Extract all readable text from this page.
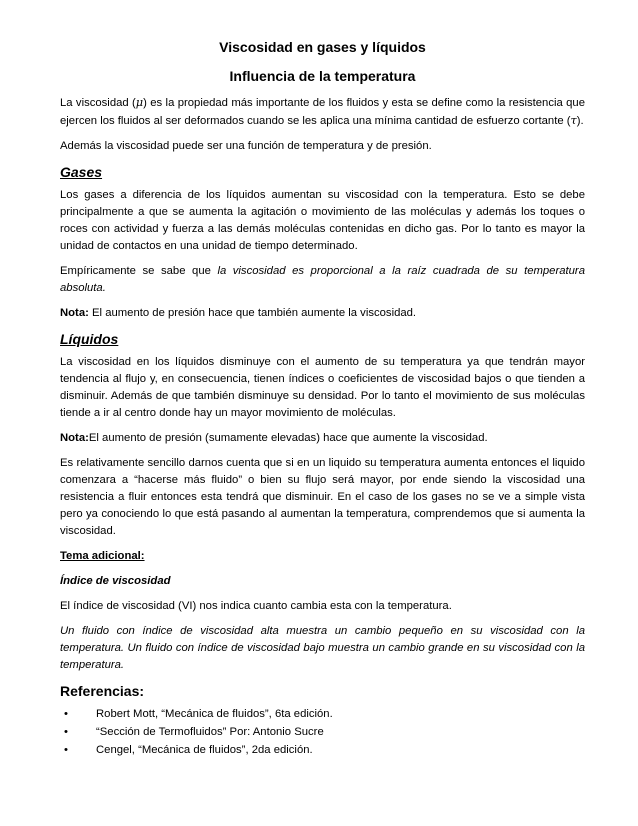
Viscosidad en gases y líquidos
Influencia de la temperatura

La viscosidad (μ) es la propiedad más importante de los fluidos y esta se define como la resistencia que ejercen los fluidos al ser deformados cuando se les aplica una mínima cantidad de esfuerzo cortante (τ).

Además la viscosidad puede ser una función de temperatura y de presión.

Gases

Los gases a diferencia de los líquidos aumentan su viscosidad con la temperatura. Esto se debe principalmente a que se aumenta la agitación o movimiento de las moléculas y además los toques o roces con actividad y fuerza a las demás moléculas contenidas en dicho gas. Por lo tanto es mayor la unidad de contactos en una unidad de tiempo determinado.

Empíricamente se sabe que la viscosidad es proporcional a la raíz cuadrada de su temperatura absoluta.

Nota: El aumento de presión hace que también aumente la viscosidad.

Líquidos

La viscosidad en los líquidos disminuye con el aumento de su temperatura ya que tendrán mayor tendencia al flujo y, en consecuencia, tienen índices o coeficientes de viscosidad bajos o que tienden a disminuir. Además de que también disminuye su densidad. Por lo tanto el movimiento de sus moléculas tiende a ir al centro donde hay un mayor movimiento de moléculas.

Nota:El aumento de presión (sumamente elevadas) hace que aumente la viscosidad.

Es relativamente sencillo darnos cuenta que si en un liquido su temperatura aumenta entonces el liquido comenzara a “hacerse más fluido” o bien su flujo será mayor, por ende siendo la viscosidad una resistencia a fluir entonces esta tendrá que disminuir. En el caso de los gases no se ve a simple vista pero ya conociendo lo que está pasando al aumentan la temperatura, comprendemos que si aumenta la viscosidad.

Tema adicional:

Índice de viscosidad

El índice de viscosidad (VI) nos indica cuanto cambia esta con la temperatura.

Un fluido con índice de viscosidad alta muestra un cambio pequeño en su viscosidad con la temperatura. Un fluido con índice de viscosidad bajo muestra un cambio grande en su viscosidad con la temperatura.

Referencias:
• Robert Mott, “Mecánica de fluidos”, 6ta edición.
• “Sección de Termofluidos” Por: Antonio Sucre
• Cengel, “Mecánica de fluidos”, 2da edición.
